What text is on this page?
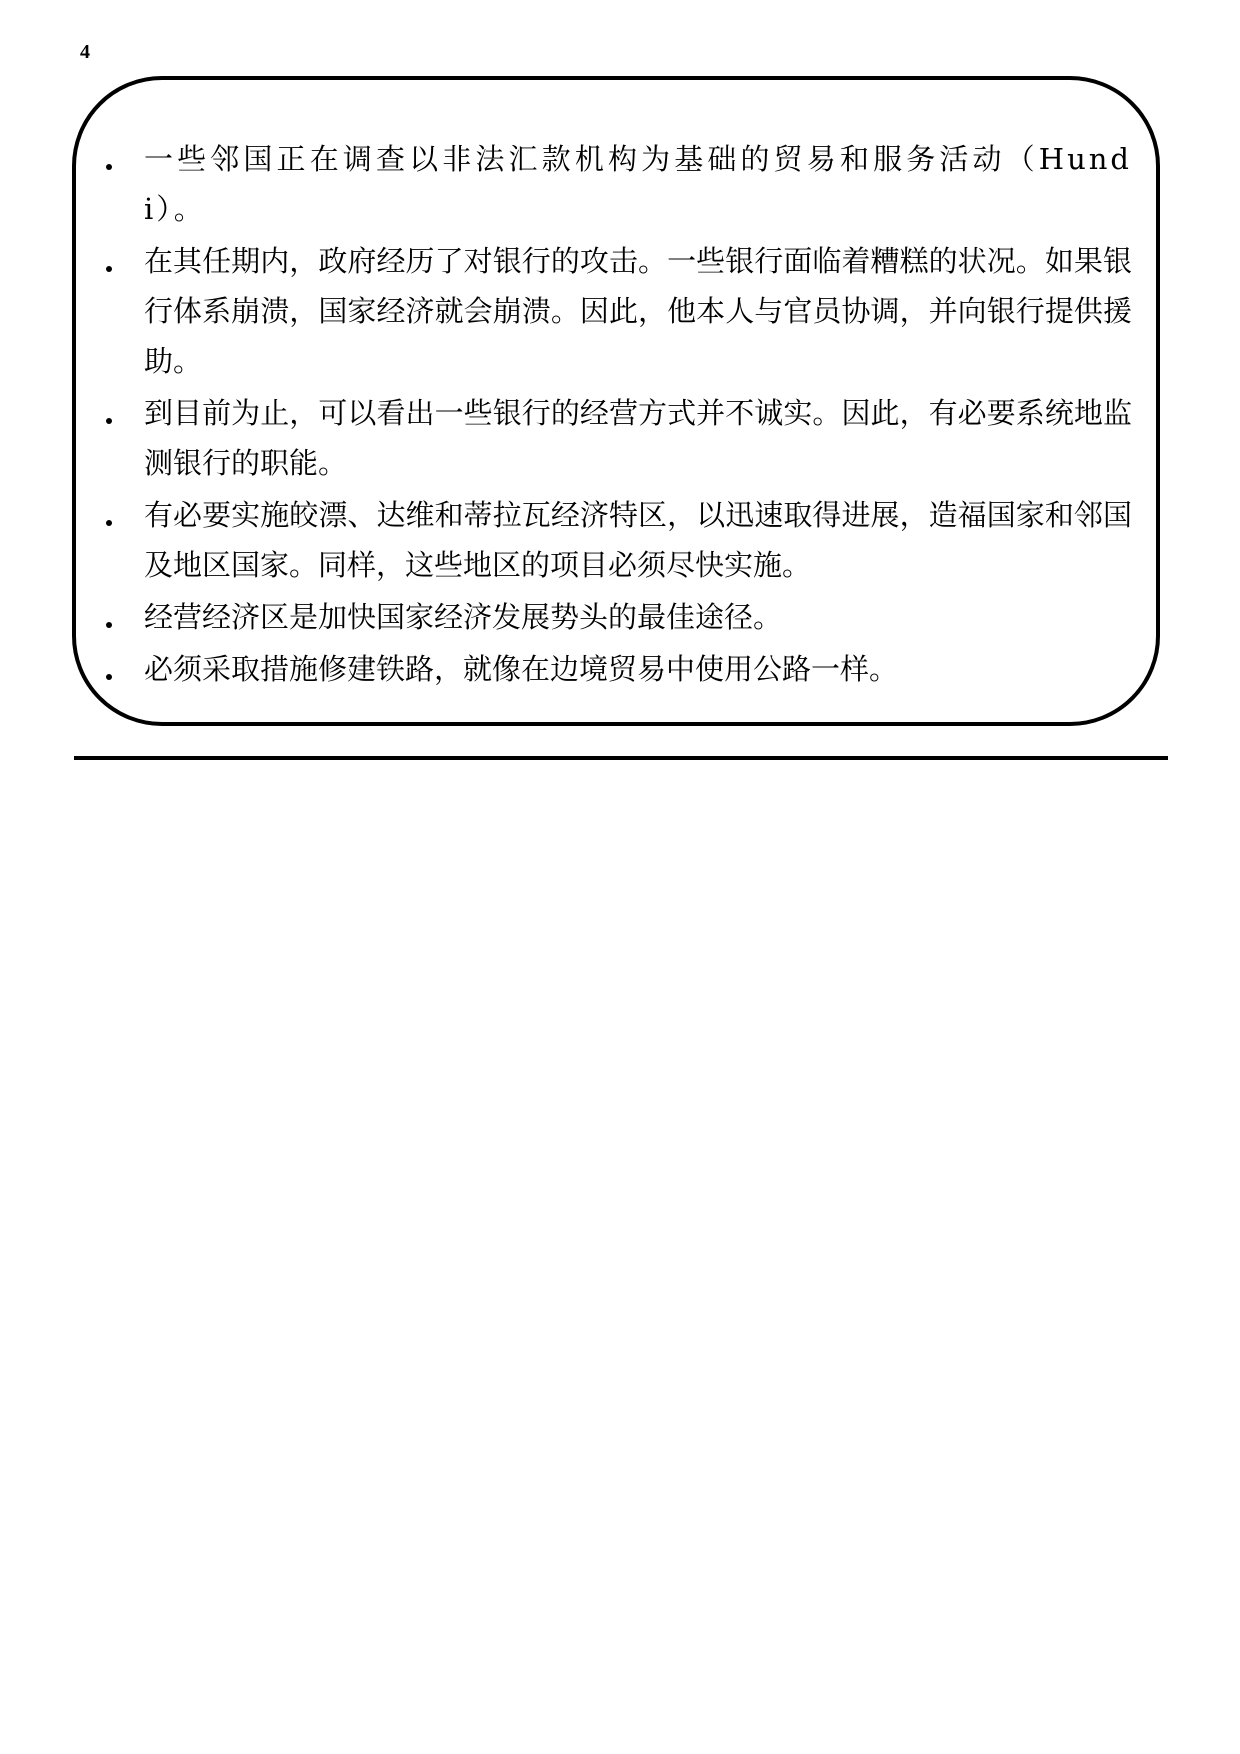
4
一些邻国正在调查以非法汇款机构为基础的贸易和服务活动（Hundi）。
在其任期内，政府经历了对银行的攻击。一些银行面临着糟糕的状况。如果银行体系崩溃，国家经济就会崩溃。因此，他本人与官员协调，并向银行提供援助。
到目前为止，可以看出一些银行的经营方式并不诚实。因此，有必要系统地监测银行的职能。
有必要实施皎漂、达维和蒂拉瓦经济特区，以迅速取得进展，造福国家和邻国及地区国家。同样，这些地区的项目必须尽快实施。
经营经济区是加快国家经济发展势头的最佳途径。
必须采取措施修建铁路，就像在边境贸易中使用公路一样。
